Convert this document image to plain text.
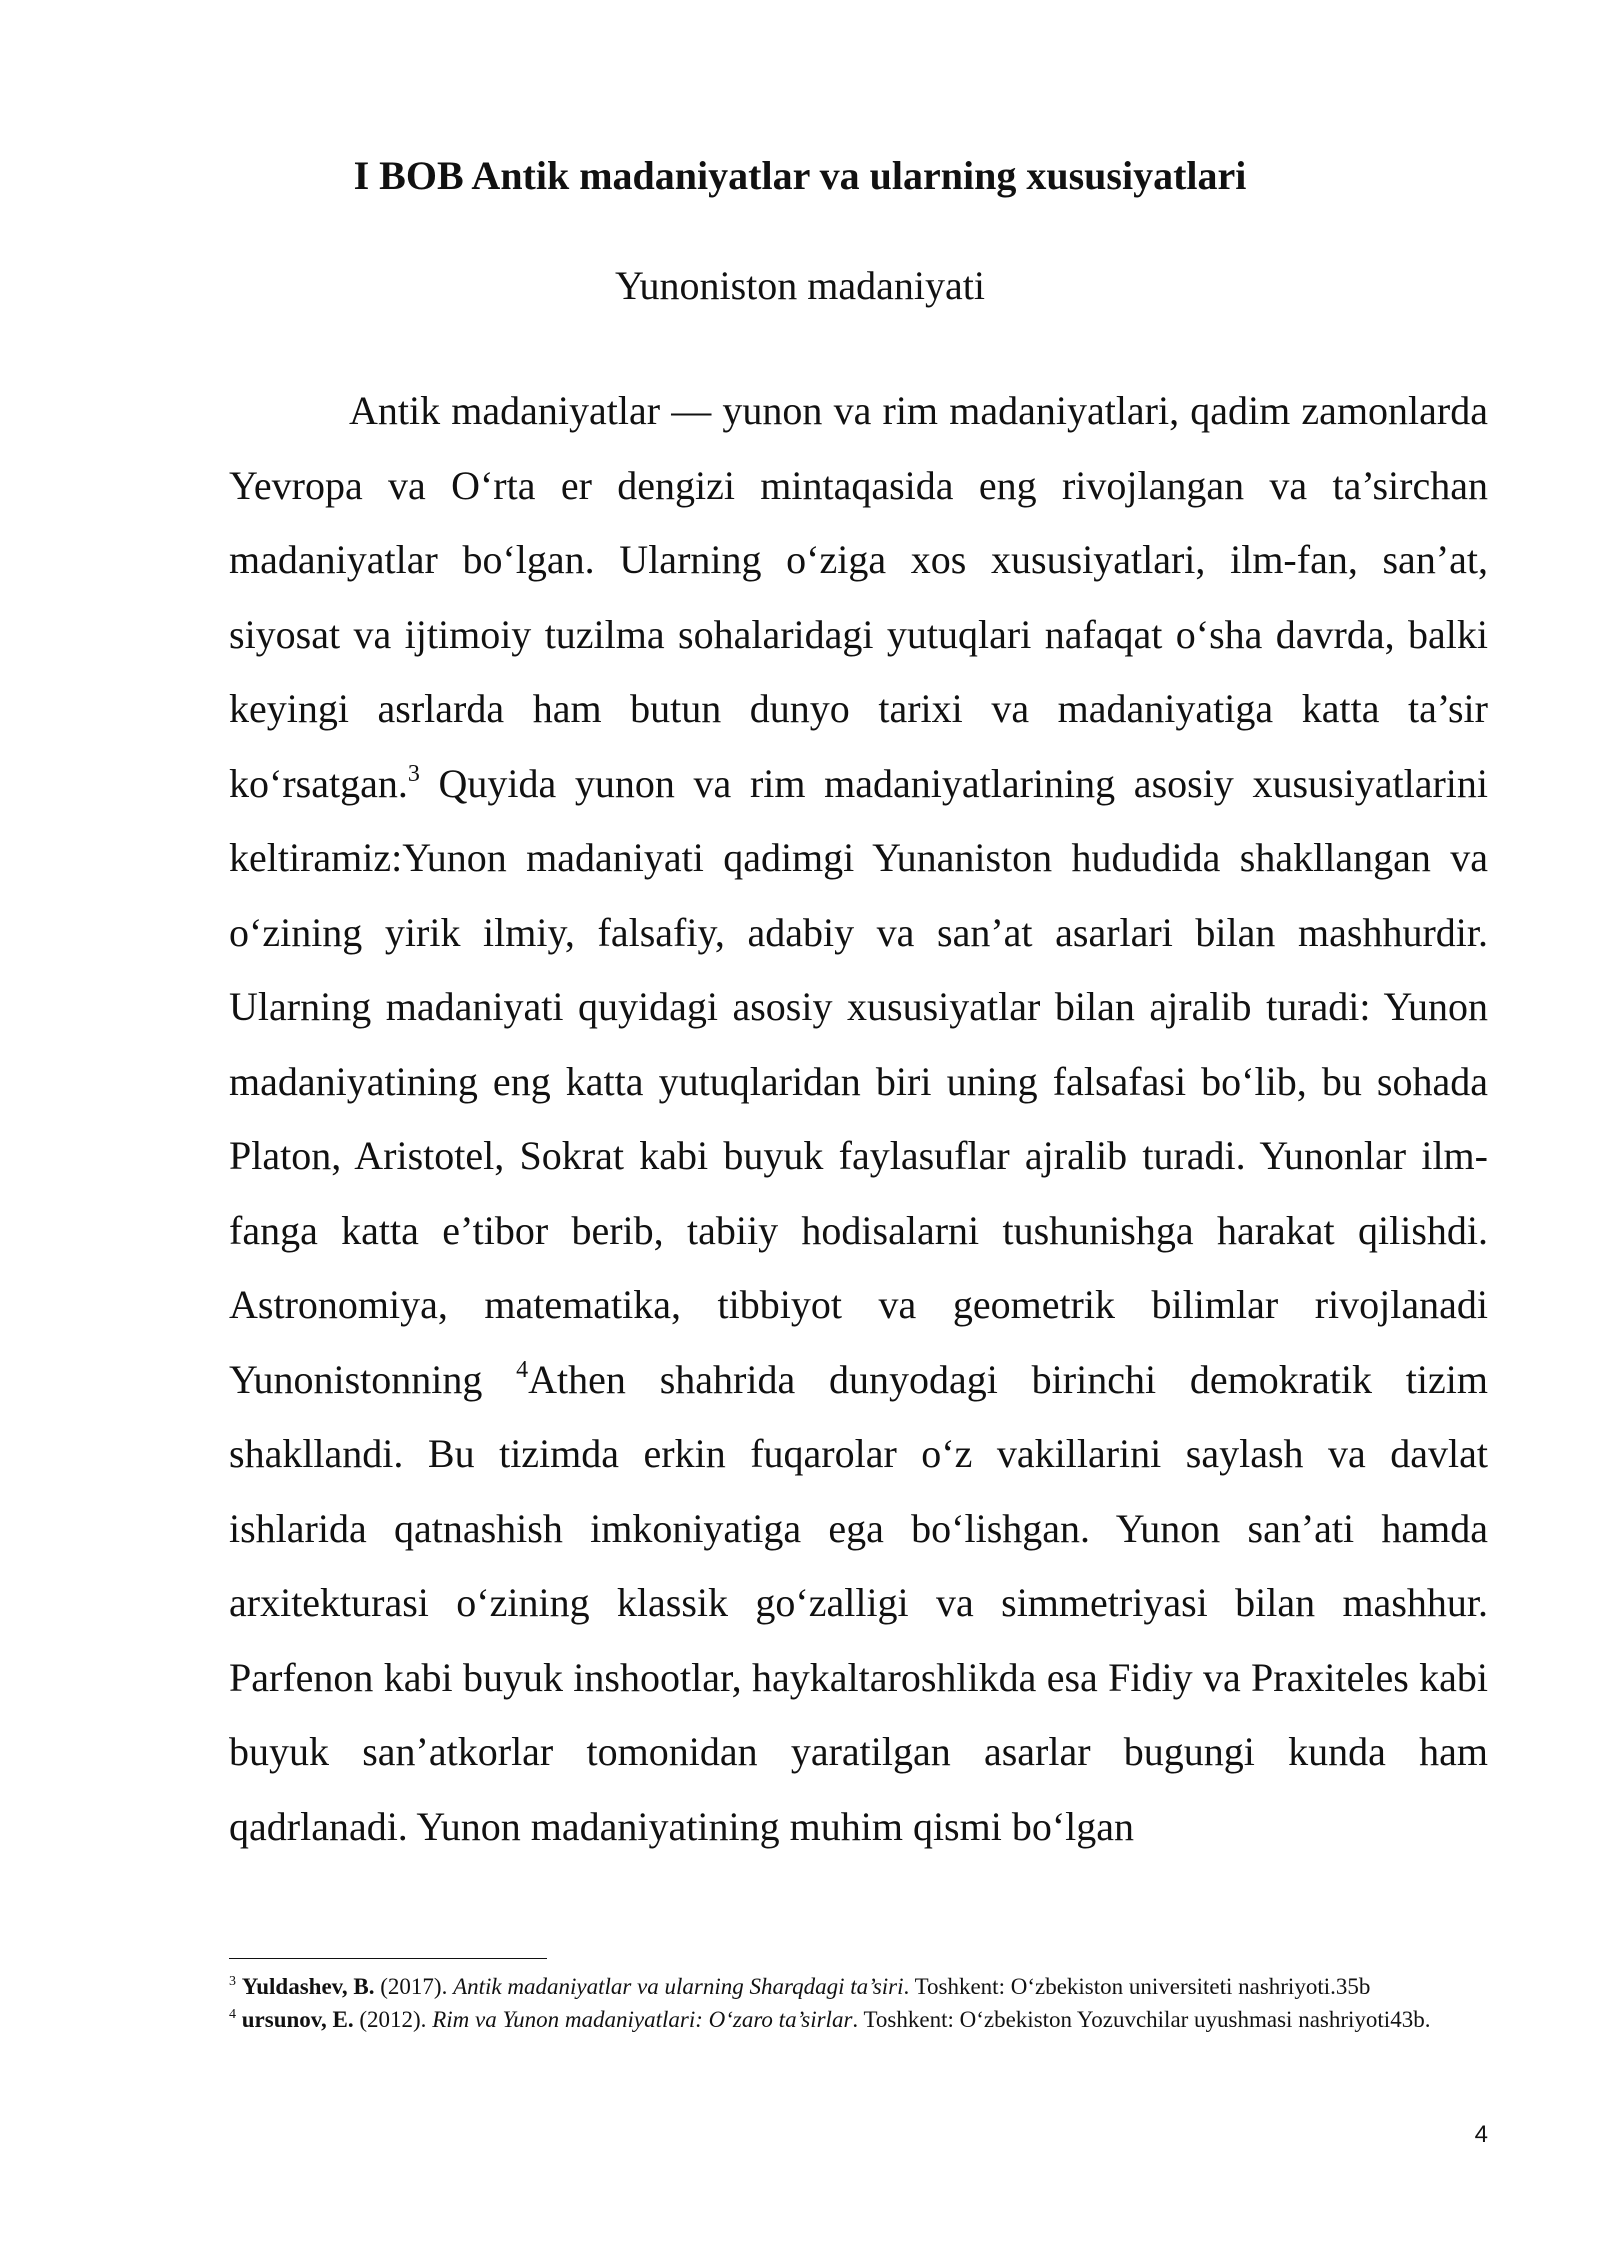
I BOB Antik madaniyatlar va ularning xususiyatlari
Yunoniston madaniyati

Antik madaniyatlar — yunon va rim madaniyatlari, qadim zamonlarda Yevropa va O‘rta er dengizi mintaqasida eng rivojlangan va ta’sirchan madaniyatlar bo‘lgan. Ularning o‘ziga xos xususiyatlari, ilm-fan, san’at, siyosat va ijtimoiy tuzilma sohalaridagi yutuqlari nafaqat o‘sha davrda, balki keyingi asrlarda ham butun dunyo tarixi va madaniyatiga katta ta’sir ko‘rsatgan.$^3$ Quyida yunon va rim madaniyatlarining asosiy xususiyatlarini keltiramiz:Yunon madaniyati qadimgi Yunaniston hududida shakllangan va o‘zining yirik ilmiy, falsafiy, adabiy va san’at asarlari bilan mashhurdir. Ularning madaniyati quyidagi asosiy xususiyatlar bilan ajralib turadi: Yunon madaniyatining eng katta yutuqlaridan biri uning falsafasi bo‘lib, bu sohada Platon, Aristotel, Sokrat kabi buyuk faylasuflar ajralib turadi. Yunonlar ilm-fanga katta e’tibor berib, tabiiy hodisalarni tushunishga harakat qilishdi. Astronomiya, matematika, tibbiyot va geometrik bilimlar rivojlanadi Yunonistonning $^4$Athen shahrida dunyodagi birinchi demokratik tizim shakllandi. Bu tizimda erkin fuqarolar o‘z vakillarini saylash va davlat ishlarida qatnashish imkoniyatiga ega bo‘lishgan. Yunon san’ati hamda arxitekturasi o‘zining klassik go‘zalligi va simmetriyasi bilan mashhur. Parfenon kabi buyuk inshootlar, haykaltaroshlikda esa Fidiy va Praxiteles kabi buyuk san’atkorlar tomonidan yaratilgan asarlar bugungi kunda ham qadrlanadi. Yunon madaniyatining muhim qismi bo‘lgan

$^3$ Yuldashev, B. (2017). Antik madaniyatlar va ularning Sharqdagi ta’siri. Toshkent: O‘zbekiston universiteti nashriyoti.35b

$^4$ ursunov, E. (2012). Rim va Yunon madaniyatlari: O‘zaro ta’sirlar. Toshkent: O‘zbekiston Yozuvchilar uyushmasi nashriyoti43b.

4
